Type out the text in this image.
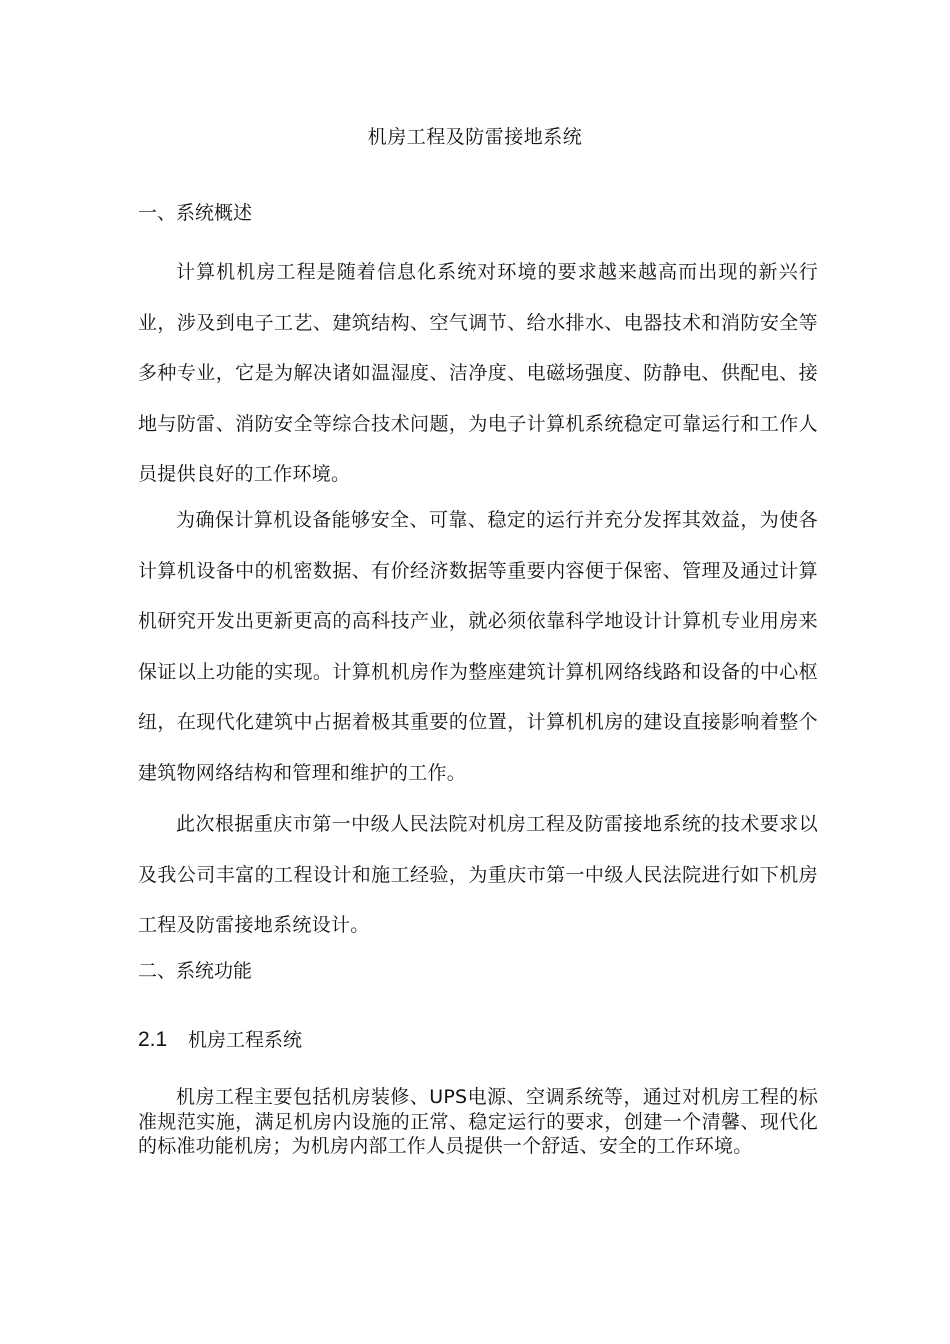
机房工程及防雷接地系统
一、系统概述

计算机机房工程是随着信息化系统对环境的要求越来越高而出现的新兴行业，涉及到电子工艺、建筑结构、空气调节、给水排水、电器技术和消防安全等多种专业，它是为解决诸如温湿度、洁净度、电磁场强度、防静电、供配电、接地与防雷、消防安全等综合技术问题，为电子计算机系统稳定可靠运行和工作人员提供良好的工作环境。

为确保计算机设备能够安全、可靠、稳定的运行并充分发挥其效益，为使各计算机设备中的机密数据、有价经济数据等重要内容便于保密、管理及通过计算机研究开发出更新更高的高科技产业，就必须依靠科学地设计计算机专业用房来保证以上功能的实现。计算机机房作为整座建筑计算机网络线路和设备的中心枢纽，在现代化建筑中占据着极其重要的位置，计算机机房的建设直接影响着整个建筑物网络结构和管理和维护的工作。

此次根据重庆市第一中级人民法院对机房工程及防雷接地系统的技术要求以及我公司丰富的工程设计和施工经验，为重庆市第一中级人民法院进行如下机房工程及防雷接地系统设计。

二、系统功能
2.1 机房工程系统

机房工程主要包括机房装修、UPS电源、空调系统等，通过对机房工程的标准规范实施，满足机房内设施的正常、稳定运行的要求，创建一个清馨、现代化的标准功能机房；为机房内部工作人员提供一个舒适、安全的工作环境。
